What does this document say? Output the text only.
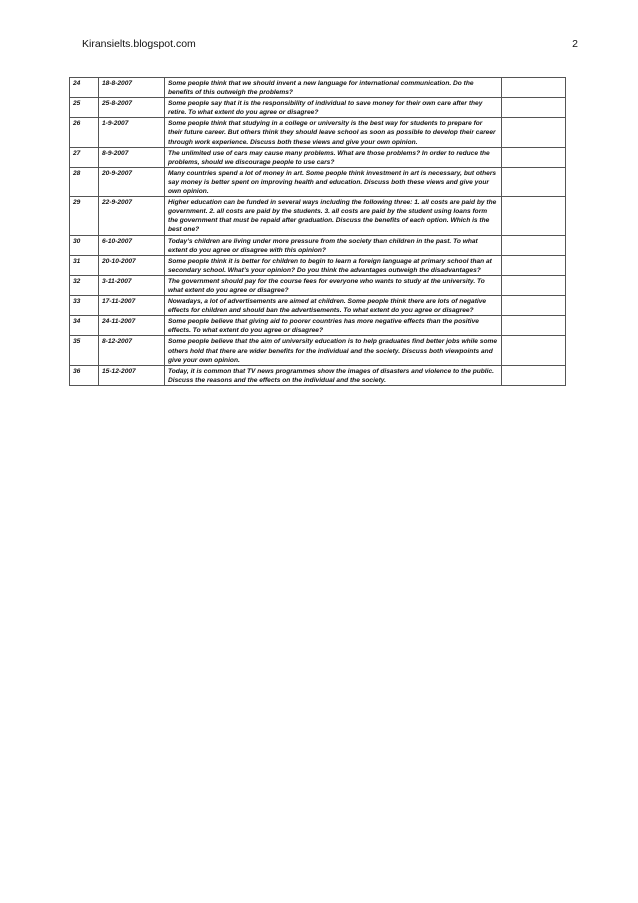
Kiransielts.blogspot.com	2
24	18-8-2007	Some people think that we should invent a new language for international communication. Do the benefits of this outweigh the problems?	
25	25-8-2007	Some people say that it is the responsibility of individual to save money for their own care after they retire. To what extent do you agree or disagree?	
26	1-9-2007	Some people think that studying in a college or university is the best way for students to prepare for their future career. But others think they should leave school as soon as possible to develop their career through work experience. Discuss both these views and give your own opinion.	
27	8-9-2007	The unlimited use of cars may cause many problems. What are those problems? In order to reduce the problems, should we discourage people to use cars?	
28	20-9-2007	Many countries spend a lot of money in art. Some people think investment in art is necessary, but others say money is better spent on improving health and education. Discuss both these views and give your own opinion.	
29	22-9-2007	Higher education can be funded in several ways including the following three: 1. all costs are paid by the government. 2. all costs are paid by the students. 3. all costs are paid by the student using loans form the government that must be repaid after graduation. Discuss the benefits of each option. Which is the best one?	
30	6-10-2007	Today’s children are living under more pressure from the society than children in the past. To what extent do you agree or disagree with this opinion?	
31	20-10-2007	Some people think it is better for children to begin to learn a foreign language at primary school than at secondary school. What’s your opinion? Do you think the advantages outweigh the disadvantages?	
32	3-11-2007	The government should pay for the course fees for everyone who wants to study at the university. To what extent do you agree or disagree?	
33	17-11-2007	Nowadays, a lot of advertisements are aimed at children. Some people think there are lots of negative effects for children and should ban the advertisements. To what extent do you agree or disagree?	
34	24-11-2007	Some people believe that giving aid to poorer countries has more negative effects than the positive effects. To what extent do you agree or disagree?	
35	8-12-2007	Some people believe that the aim of university education is to help graduates find better jobs while some others hold that there are wider benefits for the individual and the society. Discuss both viewpoints and give your own opinion.	
36	15-12-2007	Today, it is common that TV news programmes show the images of disasters and violence to the public. Discuss the reasons and the effects on the individual and the society.	
